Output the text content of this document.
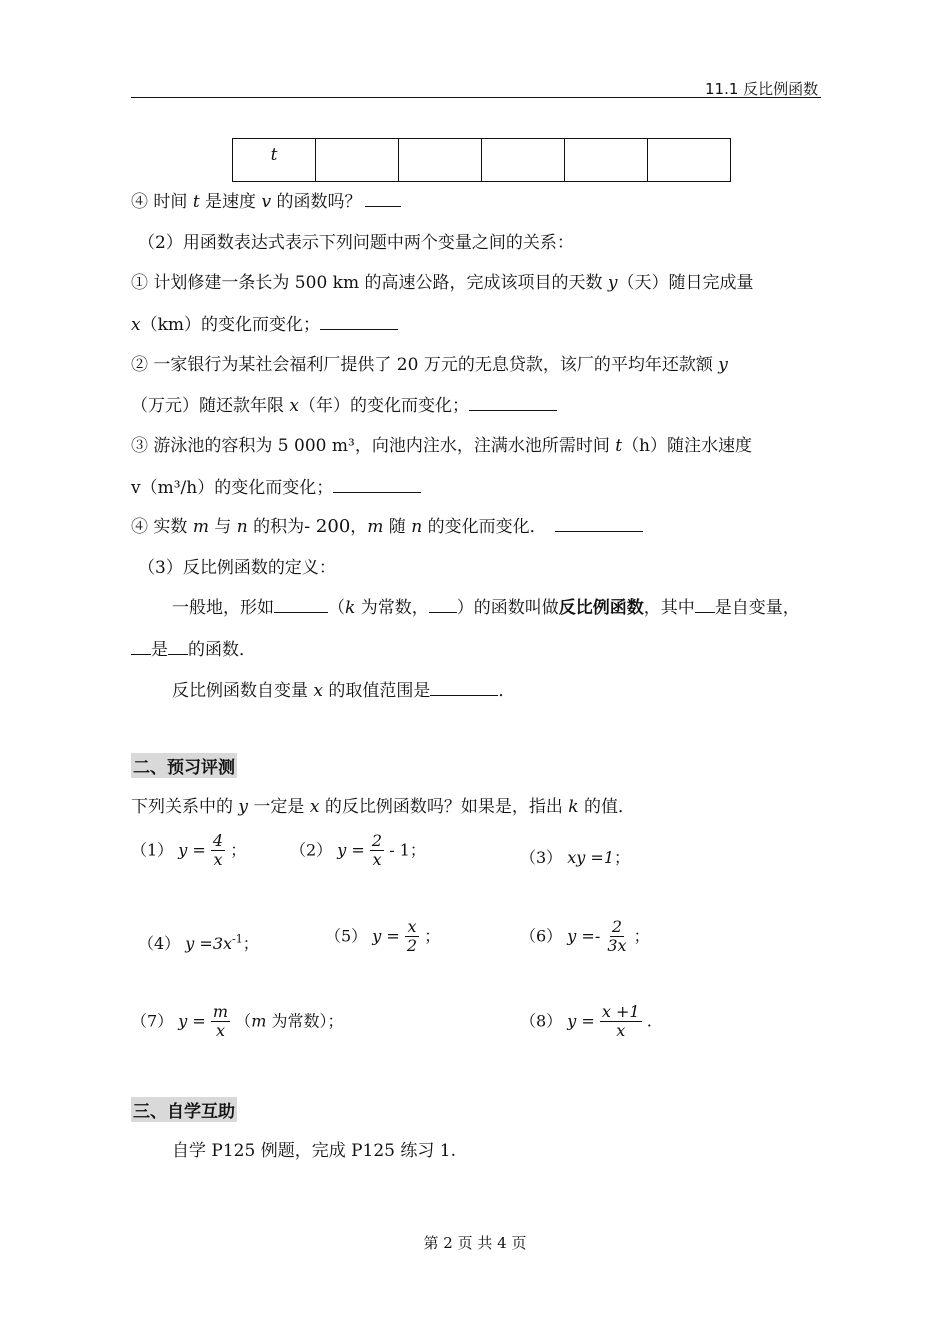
11.1 反比例函数
t					
④ 时间 t 是速度 v 的函数吗？
（2）用函数表达式表示下列问题中两个变量之间的关系：
① 计划修建一条长为 500 km 的高速公路，完成该项目的天数 y（天）随日完成量
x（km）的变化而变化；
② 一家银行为某社会福利厂提供了 20 万元的无息贷款，该厂的平均年还款额 y
（万元）随还款年限 x（年）的变化而变化；
③ 游泳池的容积为 5 000 m³，向池内注水，注满水池所需时间 t（h）随注水速度
v（m³/h）的变化而变化；
④ 实数 m 与 n 的积为- 200，m 随 n 的变化而变化．
（3）反比例函数的定义：
一般地，形如	（k 为常数， ）的函数叫做反比例函数，其中 是自变量，
是 的函数．
反比例函数自变量 x 的取值范围是	．
二、预习评测
下列关系中的 y 一定是 x 的反比例函数吗？如果是，指出 k 的值．
（1） $y = \frac{4}{x}$ ；	（2） $y = \frac{2}{x} - 1$；	（3） xy =1；
（4） $y =3x^{-1}$；	（5） $y = \frac{x}{2}$ ；	（6） $y =- \frac{2}{3x}$ ；
（7） $y = \frac{m}{x} (m$ 为常数）；	（8） $y = \frac{x +1}{x}$ .
三、自学互助
自学 P125 例题，完成 P125 练习 1.
第 2 页 共 4 页
